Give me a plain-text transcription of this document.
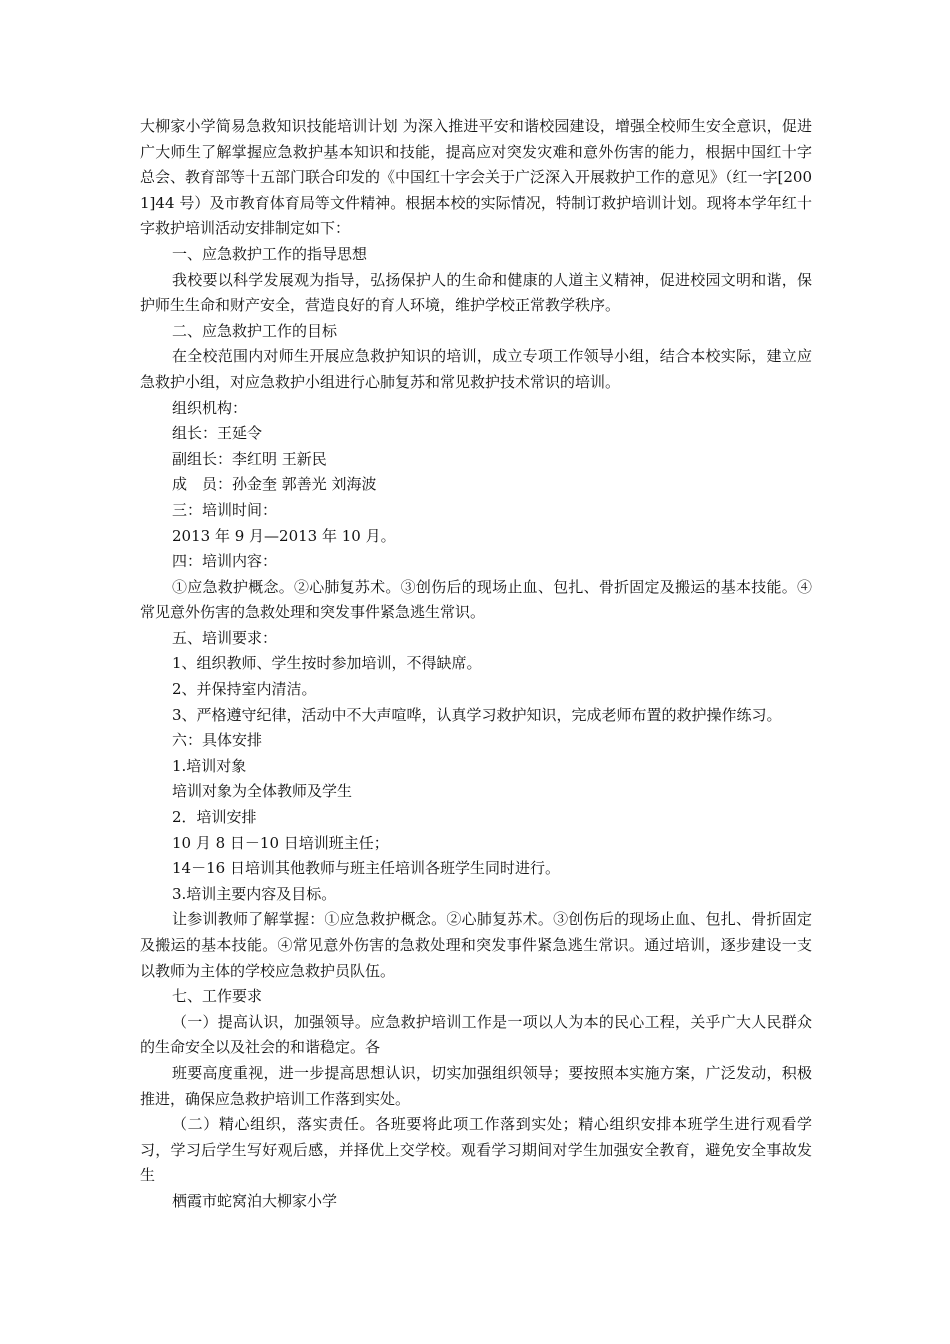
大柳家小学简易急救知识技能培训计划 为深入推进平安和谐校园建设，增强全校师生安全意识，促进广大师生了解掌握应急救护基本知识和技能，提高应对突发灾难和意外伤害的能力，根据中国红十字总会、教育部等十五部门联合印发的《中国红十字会关于广泛深入开展救护工作的意见》（红一字[2001]44 号）及市教育体育局等文件精神。根据本校的实际情况，特制订救护培训计划。现将本学年红十字救护培训活动安排制定如下：

一、应急救护工作的指导思想

我校要以科学发展观为指导，弘扬保护人的生命和健康的人道主义精神，促进校园文明和谐，保护师生生命和财产安全，营造良好的育人环境，维护学校正常教学秩序。

二、应急救护工作的目标

在全校范围内对师生开展应急救护知识的培训，成立专项工作领导小组，结合本校实际，建立应急救护小组，对应急救护小组进行心肺复苏和常见救护技术常识的培训。

组织机构：

组长：王延令

副组长：李红明 王新民

成　员：孙金奎 郭善光 刘海波

三：培训时间：

2013 年 9 月—2013 年 10 月。

四：培训内容：

①应急救护概念。②心肺复苏术。③创伤后的现场止血、包扎、骨折固定及搬运的基本技能。④常见意外伤害的急救处理和突发事件紧急逃生常识。

五、培训要求：

1、组织教师、学生按时参加培训，不得缺席。

2、并保持室内清洁。

3、严格遵守纪律，活动中不大声喧哗，认真学习救护知识，完成老师布置的救护操作练习。

六：具体安排

1.培训对象

培训对象为全体教师及学生

2．培训安排

10 月 8 日－10 日培训班主任；

14－16 日培训其他教师与班主任培训各班学生同时进行。

3.培训主要内容及目标。

让参训教师了解掌握：①应急救护概念。②心肺复苏术。③创伤后的现场止血、包扎、骨折固定及搬运的基本技能。④常见意外伤害的急救处理和突发事件紧急逃生常识。通过培训，逐步建设一支以教师为主体的学校应急救护员队伍。

七、工作要求

（一）提高认识，加强领导。应急救护培训工作是一项以人为本的民心工程，关乎广大人民群众的生命安全以及社会的和谐稳定。各

班要高度重视，进一步提高思想认识，切实加强组织领导；要按照本实施方案，广泛发动，积极推进，确保应急救护培训工作落到实处。

（二）精心组织，落实责任。各班要将此项工作落到实处；精心组织安排本班学生进行观看学习，学习后学生写好观后感，并择优上交学校。观看学习期间对学生加强安全教育，避免安全事故发生

栖霞市蛇窝泊大柳家小学
